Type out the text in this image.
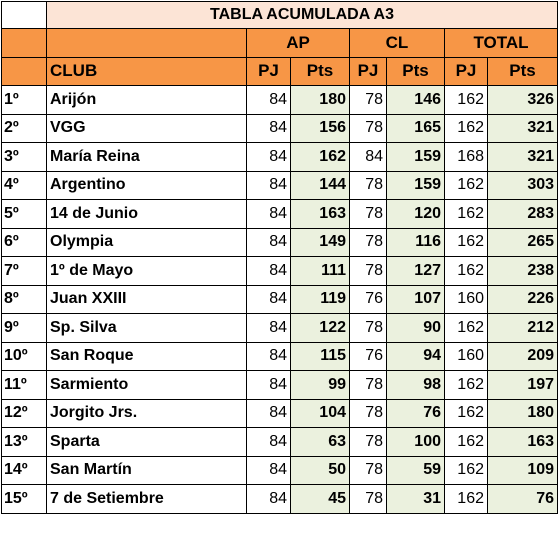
	TABLA ACUMULADA A3						
		AP		CL		TOTAL	
	CLUB	PJ	Pts	PJ	Pts	PJ	Pts
1º	Arijón	84	180	78	146	162	326
2º	VGG	84	156	78	165	162	321
3º	María Reina	84	162	84	159	168	321
4º	Argentino	84	144	78	159	162	303
5º	14 de Junio	84	163	78	120	162	283
6º	Olympia	84	149	78	116	162	265
7º	1º de Mayo	84	111	78	127	162	238
8º	Juan XXIII	84	119	76	107	160	226
9º	Sp. Silva	84	122	78	90	162	212
10º	San Roque	84	115	76	94	160	209
11º	Sarmiento	84	99	78	98	162	197
12º	Jorgito Jrs.	84	104	78	76	162	180
13º	Sparta	84	63	78	100	162	163
14º	San Martín	84	50	78	59	162	109
15º	7 de Setiembre	84	45	78	31	162	76
